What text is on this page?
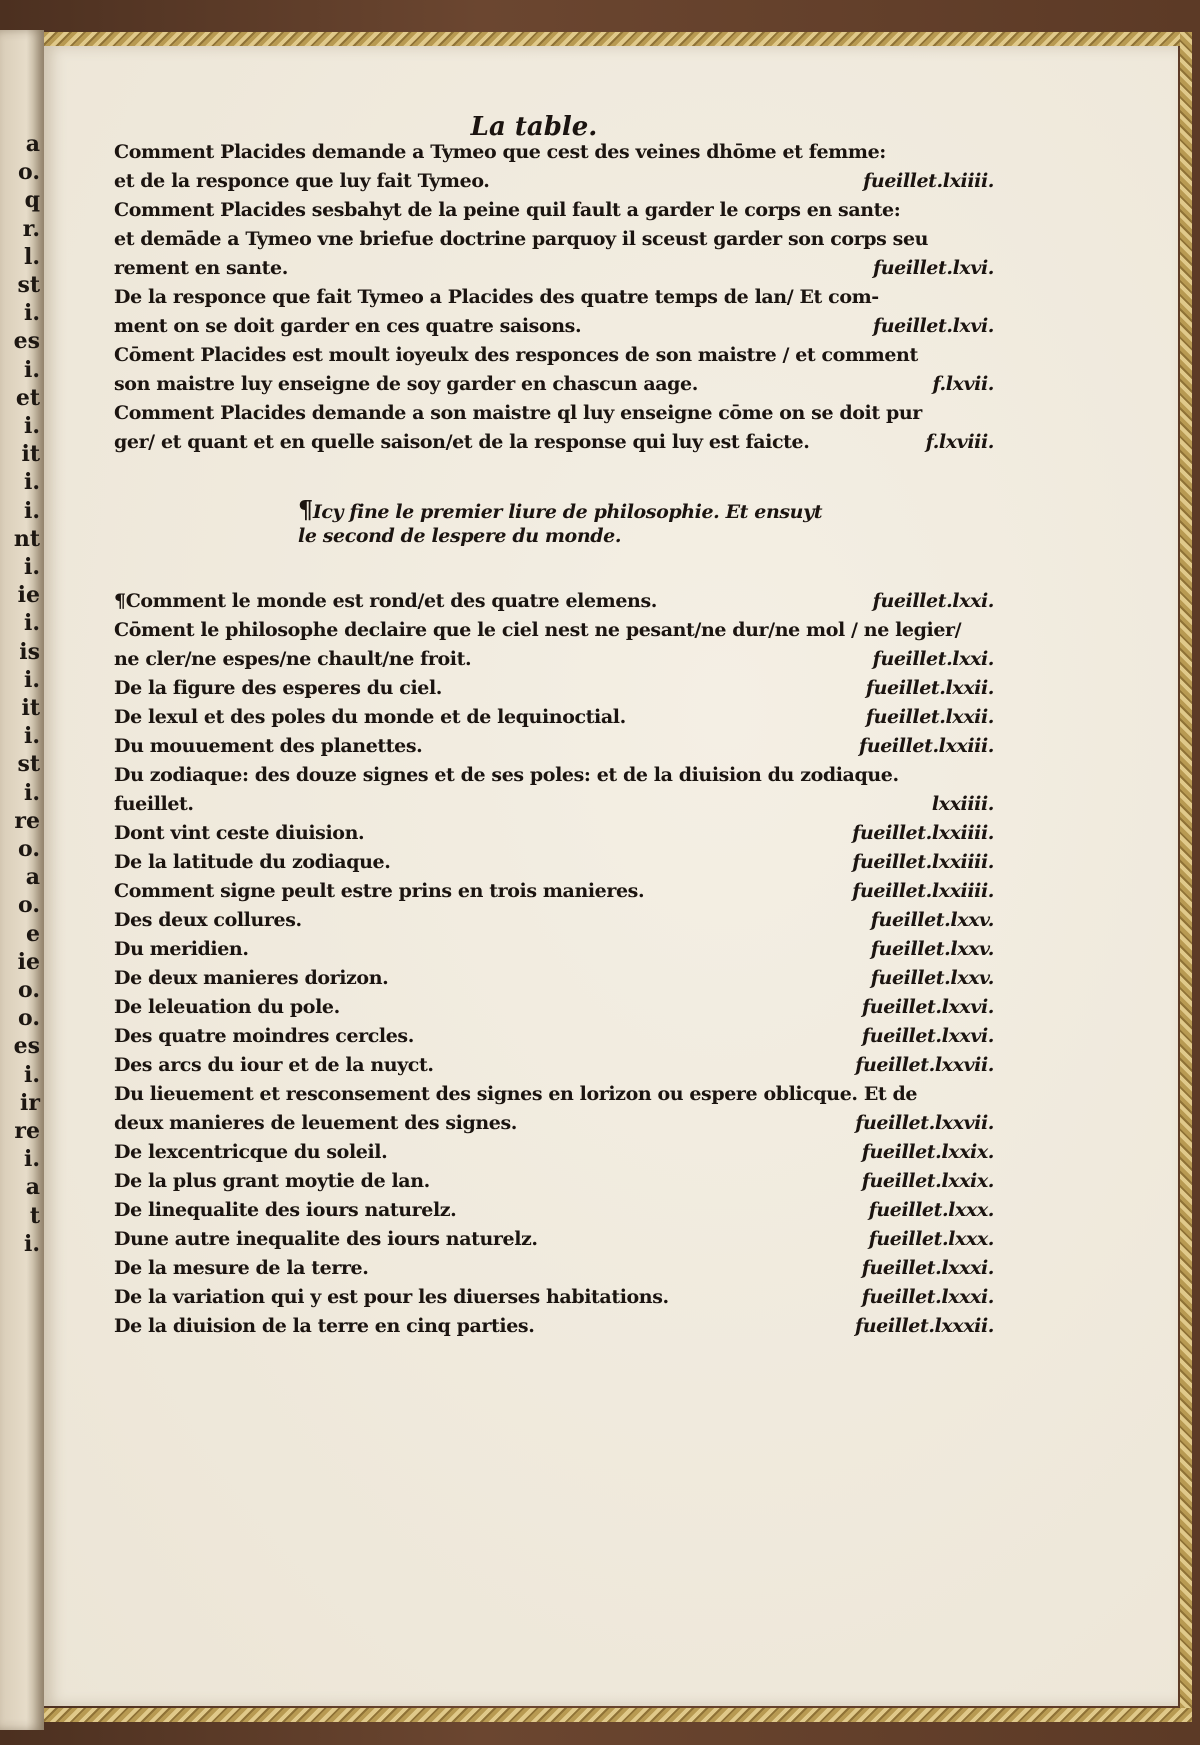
a
o.
q
r.
l.
st
i.
es
i.
et
i.
it
i.
i.
nt
i.
ie
i.
is
i.
it
i.
st
i.
re
o.
a
o.
e
ie
o.
o.
es
i.
ir
re
i.
a
t
i.
La table.
Comment Placides demande a Tymeo que cest des veines dhōme et femme:
et de la responce que luy fait Tymeo.	fueillet.lxiiii.
Comment Placides sesbahyt de la peine quil fault a garder le corps en sante:
et demāde a Tymeo vne briefue doctrine parquoy il sceust garder son corps seu
rement en sante.	fueillet.lxvi.
De la responce que fait Tymeo a Placides des quatre temps de lan/ Et com-
ment on se doit garder en ces quatre saisons.	fueillet.lxvi.
Cōment Placides est moult ioyeulx des responces de son maistre / et comment
son maistre luy enseigne de soy garder en chascun aage.	f.lxvii.
Comment Placides demande a son maistre ql luy enseigne cōme on se doit pur
ger/ et quant et en quelle saison/et de la response qui luy est faicte.	f.lxviii.
¶Icy fine le premier liure de philosophie. Et ensuyt
le second de lespere du monde.
¶Comment le monde est rond/et des quatre elemens.	fueillet.lxxi.
Cōment le philosophe declaire que le ciel nest ne pesant/ne dur/ne mol / ne legier/
ne cler/ne espes/ne chault/ne froit.	fueillet.lxxi.
De la figure des esperes du ciel.	fueillet.lxxii.
De lexul et des poles du monde et de lequinoctial.	fueillet.lxxii.
Du mouuement des planettes.	fueillet.lxxiii.
Du zodiaque: des douze signes et de ses poles: et de la diuision du zodiaque.
fueillet.	lxxiiii.
Dont vint ceste diuision.	fueillet.lxxiiii.
De la latitude du zodiaque.	fueillet.lxxiiii.
Comment signe peult estre prins en trois manieres.	fueillet.lxxiiii.
Des deux collures.	fueillet.lxxv.
Du meridien.	fueillet.lxxv.
De deux manieres dorizon.	fueillet.lxxv.
De leleuation du pole.	fueillet.lxxvi.
Des quatre moindres cercles.	fueillet.lxxvi.
Des arcs du iour et de la nuyct.	fueillet.lxxvii.
Du lieuement et resconsement des signes en lorizon ou espere oblicque. Et de
deux manieres de leuement des signes.	fueillet.lxxvii.
De lexcentricque du soleil.	fueillet.lxxix.
De la plus grant moytie de lan.	fueillet.lxxix.
De linequalite des iours naturelz.	fueillet.lxxx.
Dune autre inequalite des iours naturelz.	fueillet.lxxx.
De la mesure de la terre.	fueillet.lxxxi.
De la variation qui y est pour les diuerses habitations.	fueillet.lxxxi.
De la diuision de la terre en cinq parties.	fueillet.lxxxii.
